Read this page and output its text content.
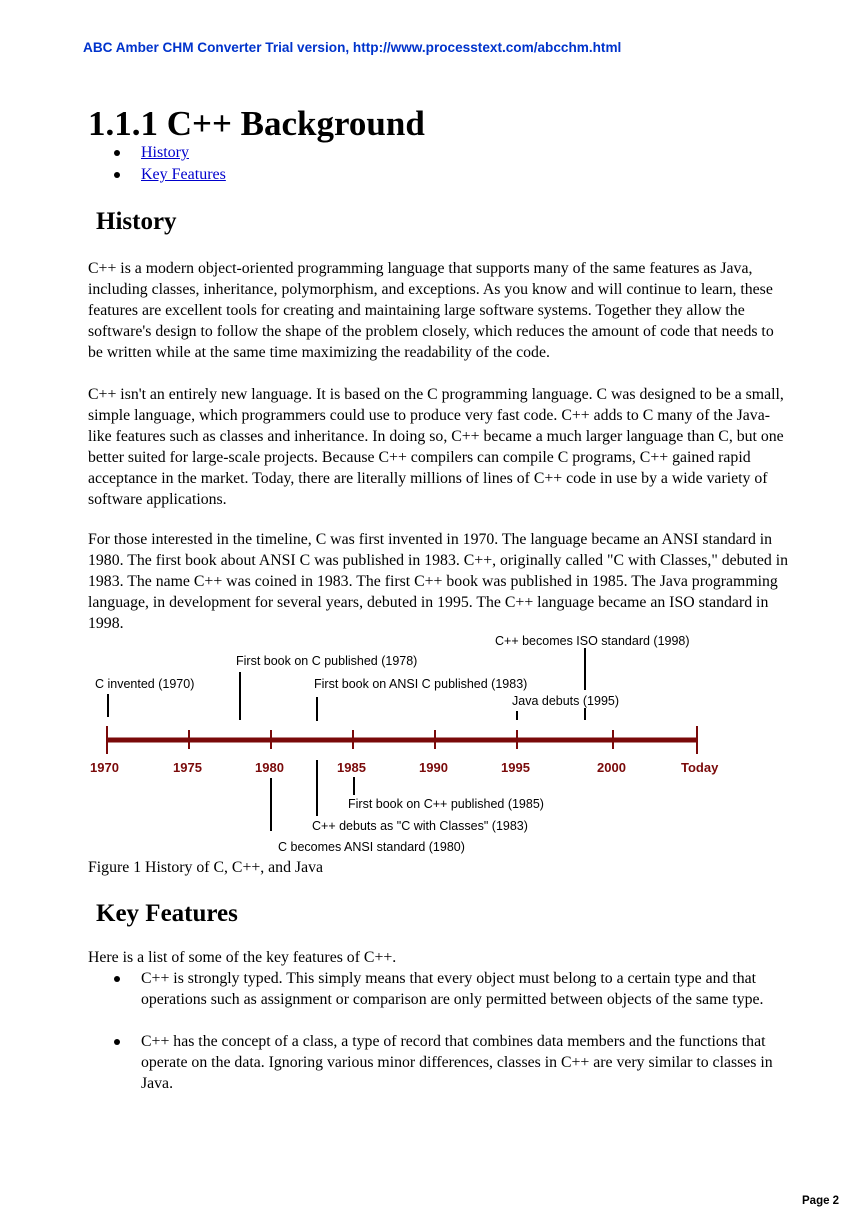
ABC Amber CHM Converter Trial version, http://www.processtext.com/abcchm.html
1.1.1 C++ Background
History
Key Features
History

C++ is a modern object-oriented programming language that supports many of the same features as Java, including classes, inheritance, polymorphism, and exceptions. As you know and will continue to learn, these features are excellent tools for creating and maintaining large software systems. Together they allow the software's design to follow the shape of the problem closely, which reduces the amount of code that needs to be written while at the same time maximizing the readability of the code.

C++ isn't an entirely new language. It is based on the C programming language. C was designed to be a small, simple language, which programmers could use to produce very fast code. C++ adds to C many of the Java-like features such as classes and inheritance. In doing so, C++ became a much larger language than C, but one better suited for large-scale projects. Because C++ compilers can compile C programs, C++ gained rapid acceptance in the market. Today, there are literally millions of lines of C++ code in use by a wide variety of software applications.

For those interested in the timeline, C was first invented in 1970. The language became an ANSI standard in 1980. The first book about ANSI C was published in 1983. C++, originally called "C with Classes," debuted in 1983. The name C++ was coined in 1983. The first C++ book was published in 1985. The Java programming language, in development for several years, debuted in 1995. The C++ language became an ISO standard in 1998.

1970	1975	1980	1985	1990	1995	2000	Today
C invented (1970)
First book on C published (1978)
First book on ANSI C published (1983)
C++ becomes ISO standard (1998)
Java debuts (1995)
First book on C++ published (1985)
C++ debuts as "C with Classes" (1983)
C becomes ANSI standard (1980)

Figure 1 History of C, C++, and Java

Key Features

Here is a list of some of the key features of C++.

C++ is strongly typed. This simply means that every object must belong to a certain type and that operations such as assignment or comparison are only permitted between objects of the same type.
C++ has the concept of a class, a type of record that combines data members and the functions that operate on the data. Ignoring various minor differences, classes in C++ are very similar to classes in Java.
Page 2
